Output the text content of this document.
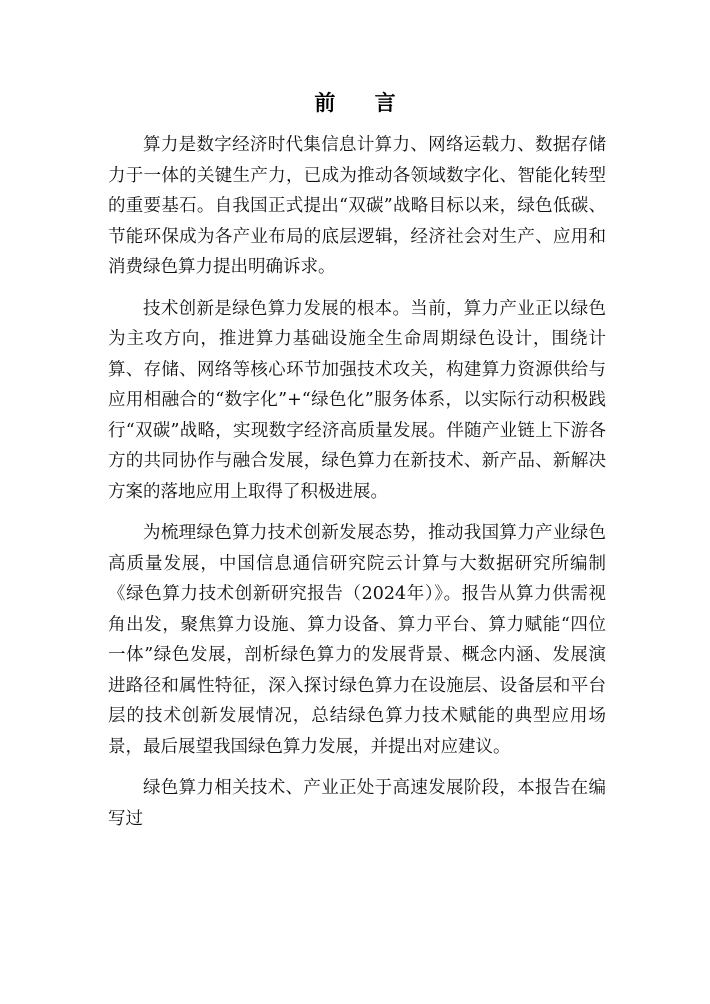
前 言

算力是数字经济时代集信息计算力、网络运载力、数据存储力于一体的关键生产力，已成为推动各领域数字化、智能化转型的重要基石。自我国正式提出“双碳”战略目标以来，绿色低碳、节能环保成为各产业布局的底层逻辑，经济社会对生产、应用和消费绿色算力提出明确诉求。

技术创新是绿色算力发展的根本。当前，算力产业正以绿色为主攻方向，推进算力基础设施全生命周期绿色设计，围绕计算、存储、网络等核心环节加强技术攻关，构建算力资源供给与应用相融合的“数字化”+“绿色化”服务体系，以实际行动积极践行“双碳”战略，实现数字经济高质量发展。伴随产业链上下游各方的共同协作与融合发展，绿色算力在新技术、新产品、新解决方案的落地应用上取得了积极进展。

为梳理绿色算力技术创新发展态势，推动我国算力产业绿色高质量发展，中国信息通信研究院云计算与大数据研究所编制《绿色算力技术创新研究报告（2024年）》。报告从算力供需视角出发，聚焦算力设施、算力设备、算力平台、算力赋能“四位一体”绿色发展，剖析绿色算力的发展背景、概念内涵、发展演进路径和属性特征，深入探讨绿色算力在设施层、设备层和平台层的技术创新发展情况，总结绿色算力技术赋能的典型应用场景，最后展望我国绿色算力发展，并提出对应建议。

绿色算力相关技术、产业正处于高速发展阶段，本报告在编写过
